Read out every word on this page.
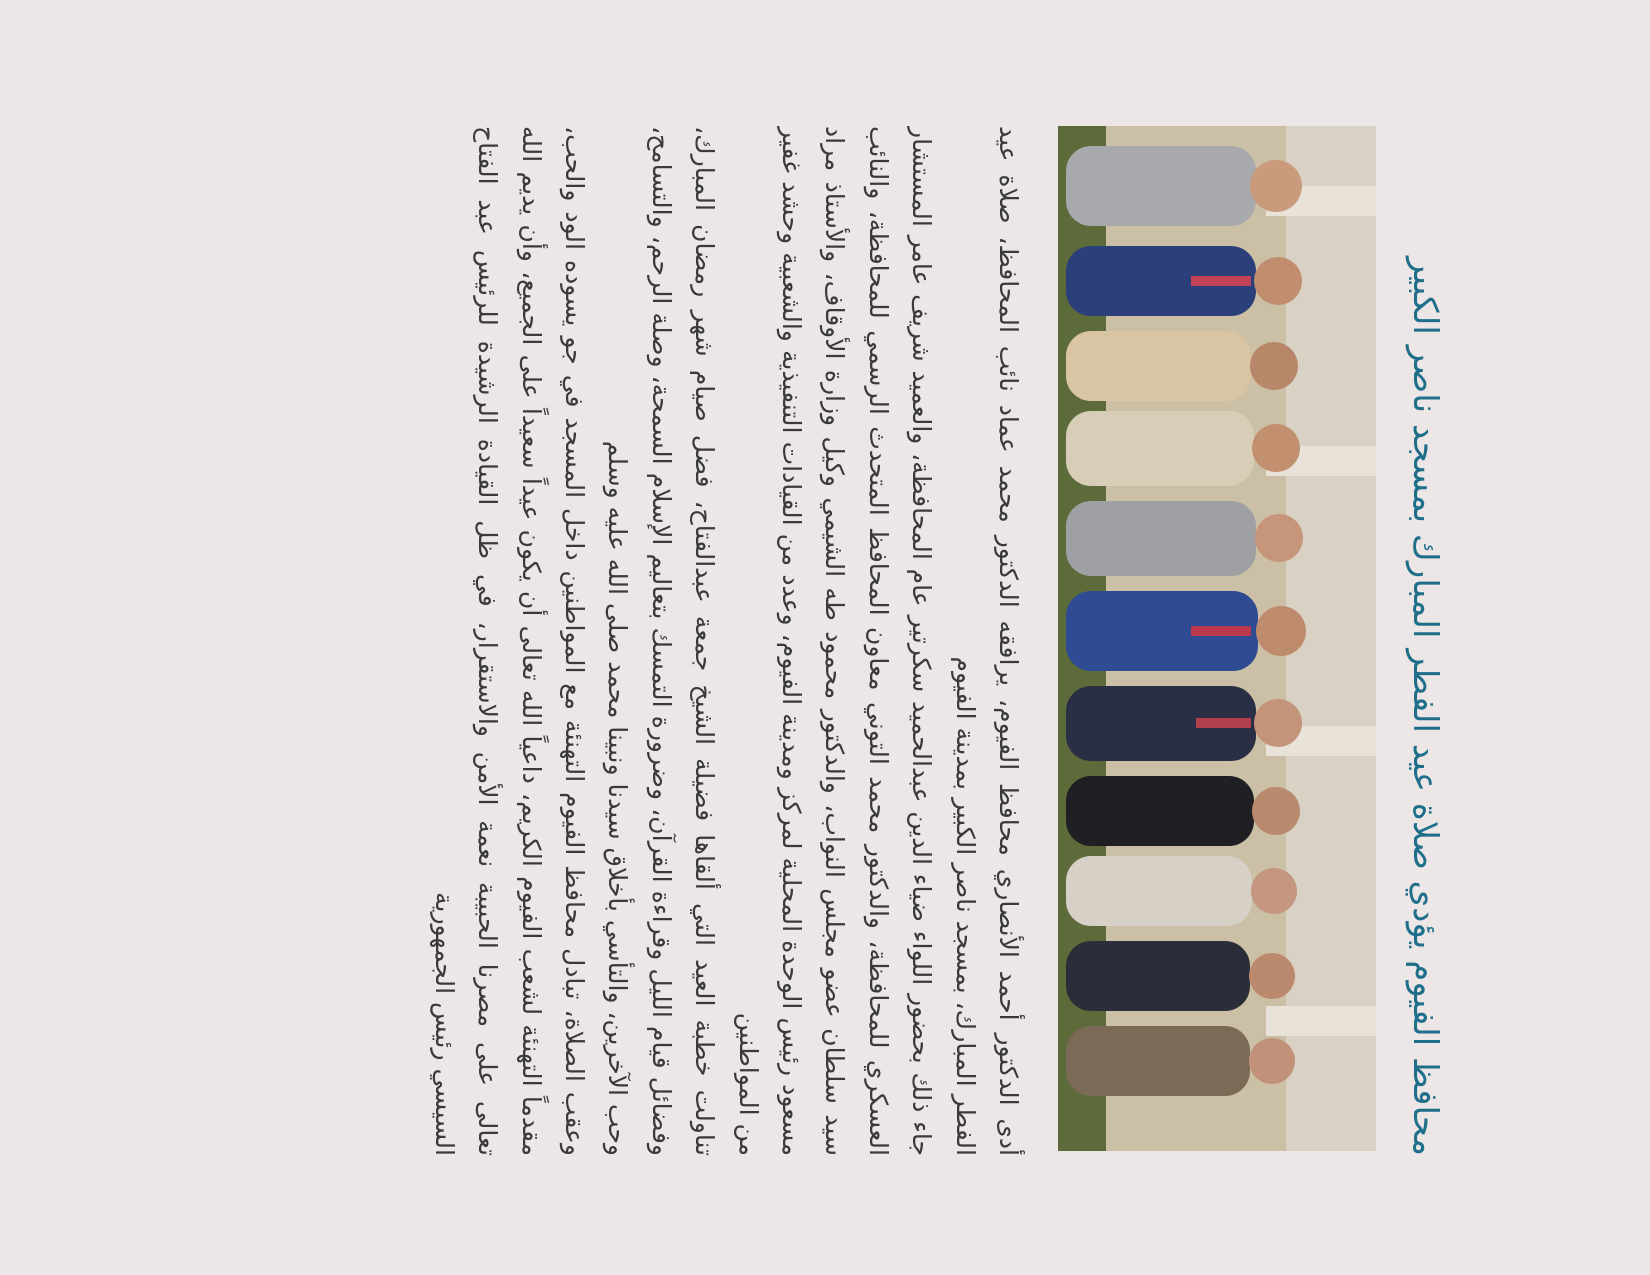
محافظ الفيوم يؤدي صلاة عيد الفطر المبارك بمسجد ناصر الكبير

أدى الدكتور أحمد الأنصاري محافظ الفيوم، يرافقه الدكتور محمد عماد نائب المحافظ، صلاة عيد الفطر المبارك، بمسجد ناصر الكبير بمدينة الفيوم

جاء ذلك بحضور اللواء ضياء الدين عبدالحميد سكرتير عام المحافظة، والعميد شريف عامر المستشار العسكري للمحافظة، والدكتور محمد التوني معاون المحافظ المتحدث الرسمي للمحافظة، والنائب سيد سلطان عضو مجلس النواب، والدكتور محمود طه الشيمي وكيل وزارة الأوقاف، والأستاذ مراد مسعود رئيس الوحدة المحلية لمركز ومدينة الفيوم، وعدد من القيادات التنفيذية والشعبية وحشد غفير من المواطنين

تناولت خطبة العيد التي ألقاها فضيلة الشيخ جمعة عبدالفتاح، فضل صيام شهر رمضان المبارك، وفضائل قيام الليل وقراءة القرآن، وضرورة التمسك بتعاليم الإسلام السمحة، وصلة الرحم، والتسامح، وحب الآخرين، والتأسي بأخلاق سيدنا ونبينا محمد صلى الله عليه وسلم

وعقب الصلاة، تبادل محافظ الفيوم التهنئة مع المواطنين داخل المسجد في جو يسوده الود والحب، مقدماً التهنئة لشعب الفيوم الكريم، داعياً الله تعالى أن يكون عيداً سعيداً على الجميع، وأن يديم الله تعالى على مصرنا الحبيبة نعمة الأمن والاستقرار، في ظل القيادة الرشيدة للرئيس عبد الفتاح السيسي رئيس الجمهورية
